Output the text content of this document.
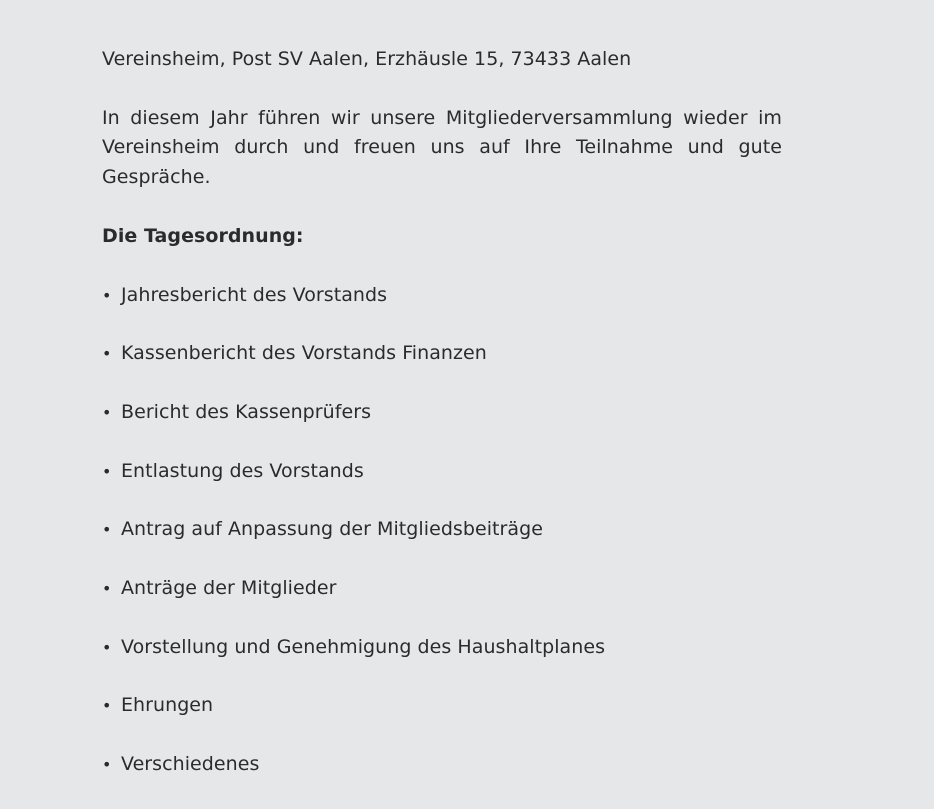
Vereinsheim, Post SV Aalen, Erzhäusle 15, 73433 Aalen

In diesem Jahr führen wir unsere Mitgliederversammlung wieder im Vereinsheim durch und freuen uns auf Ihre Teilnahme und gute Gespräche.

Die Tagesordnung:

• Jahresbericht des Vorstands
• Kassenbericht des Vorstands Finanzen
• Bericht des Kassenprüfers
• Entlastung des Vorstands
• Antrag auf Anpassung der Mitgliedsbeiträge
• Anträge der Mitglieder
• Vorstellung und Genehmigung des Haushaltplanes
• Ehrungen
• Verschiedenes
